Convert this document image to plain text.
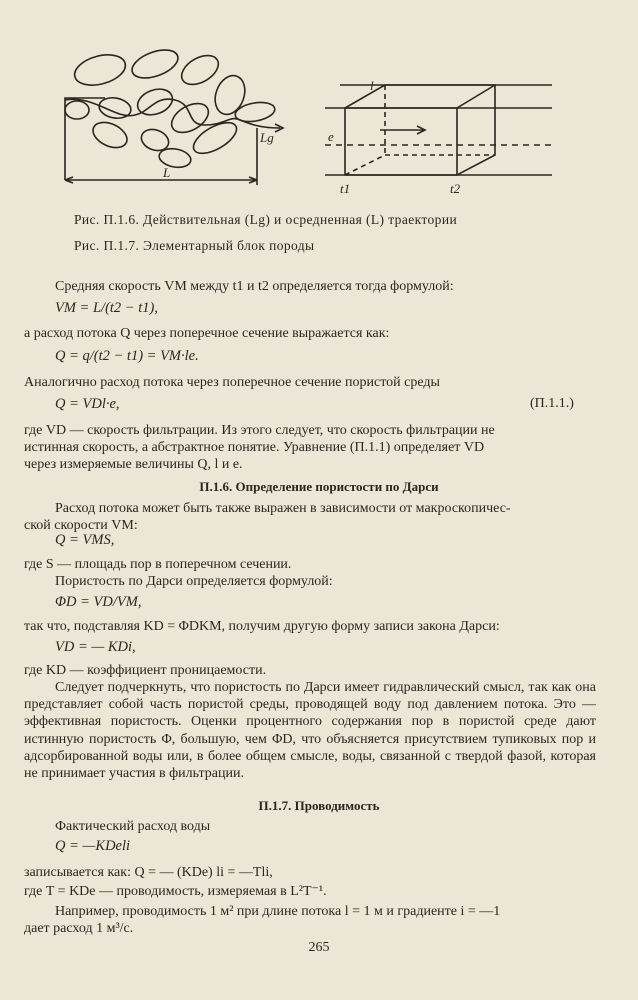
Lg
L
l
e
t1	t2
Рис. П.1.6. Действительная (Lg) и осредненная (L) траектории
Рис. П.1.7. Элементарный блок породы
Средняя скорость VM между t1 и t2 определяется тогда формулой:
VM = L/(t2 − t1),
а расход потока Q через поперечное сечение выражается как:
Q = q/(t2 − t1) = VM·le.
Аналогично расход потока через поперечное сечение пористой среды
Q = VDl·e,	(П.1.1.)
где VD — скорость фильтрации. Из этого следует, что скорость фильтрации не
истинная скорость, а абстрактное понятие. Уравнение (П.1.1) определяет VD
через измеряемые величины Q, l и e.
П.1.6. Определение пористости по Дарси
Расход потока может быть также выражен в зависимости от макроскопичес-
ской скорости VM:
Q = VMS,
где S — площадь пор в поперечном сечении.
Пористость по Дарси определяется формулой:
ΦD = VD/VM,
так что, подставляя KD = ΦDKM, получим другую форму записи закона Дарси:
VD = — KDi,
где KD — коэффициент проницаемости.
Следует подчеркнуть, что пористость по Дарси имеет гидравлический смысл, так как она представляет собой часть пористой среды, проводящей воду под давлением потока. Это — эффективная пористость. Оценки процентного содержания пор в пористой среде дают истинную пористость Φ, большую, чем ΦD, что объясняется присутствием тупиковых пор и адсорбированной воды или, в более общем смысле, воды, связанной с твердой фазой, которая не принимает участия в фильтрации.
П.1.7. Проводимость
Фактический расход воды
Q = —KDeli
записывается как: Q = — (KDe) li = —Tli,
где T = KDe — проводимость, измеряемая в L²T⁻¹.
Например, проводимость 1 м² при длине потока l = 1 м и градиенте i = —1
дает расход 1 м³/с.
265
